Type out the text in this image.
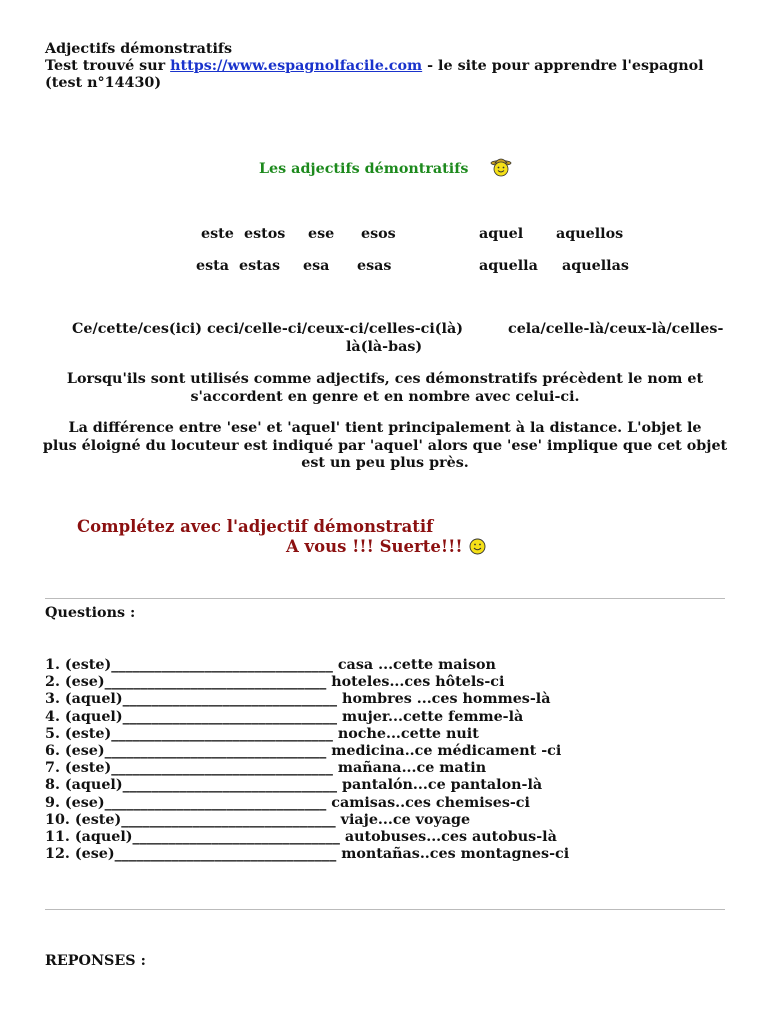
Adjectifs démonstratifs
Test trouvé sur https://www.espagnolfacile.com - le site pour apprendre l'espagnol
(test n°14430)
Les adjectifs démontratifs
este estos ese esos	aquel aquellos
esta estas esa esas	aquella aquellas
Ce/cette/ces(ici) ceci/celle-ci/ceux-ci/celles-ci(là)	cela/celle-là/ceux-là/celles-
là(là-bas)
Lorsqu'ils sont utilisés comme adjectifs, ces démonstratifs précèdent le nom et
s'accordent en genre et en nombre avec celui-ci.
La différence entre 'ese' et 'aquel' tient principalement à la distance. L'objet le
plus éloigné du locuteur est indiqué par 'aquel' alors que 'ese' implique que cet objet
est un peu plus près.
Complétez avec l'adjectif démonstratif
A vous !!! Suerte!!!
Questions :
1. (este)_______________________________ casa ...cette maison
2. (ese)_______________________________ hoteles...ces hôtels-ci
3. (aquel)______________________________ hombres ...ces hommes-là
4. (aquel)______________________________ mujer...cette femme-là
5. (este)_______________________________ noche...cette nuit
6. (ese)_______________________________ medicina..ce médicament -ci
7. (este)_______________________________ mañana...ce matin
8. (aquel)______________________________ pantalón...ce pantalon-là
9. (ese)_______________________________ camisas..ces chemises-ci
10. (este)______________________________ viaje...ce voyage
11. (aquel)_____________________________ autobuses...ces autobus-là
12. (ese)_______________________________ montañas..ces montagnes-ci
REPONSES :
